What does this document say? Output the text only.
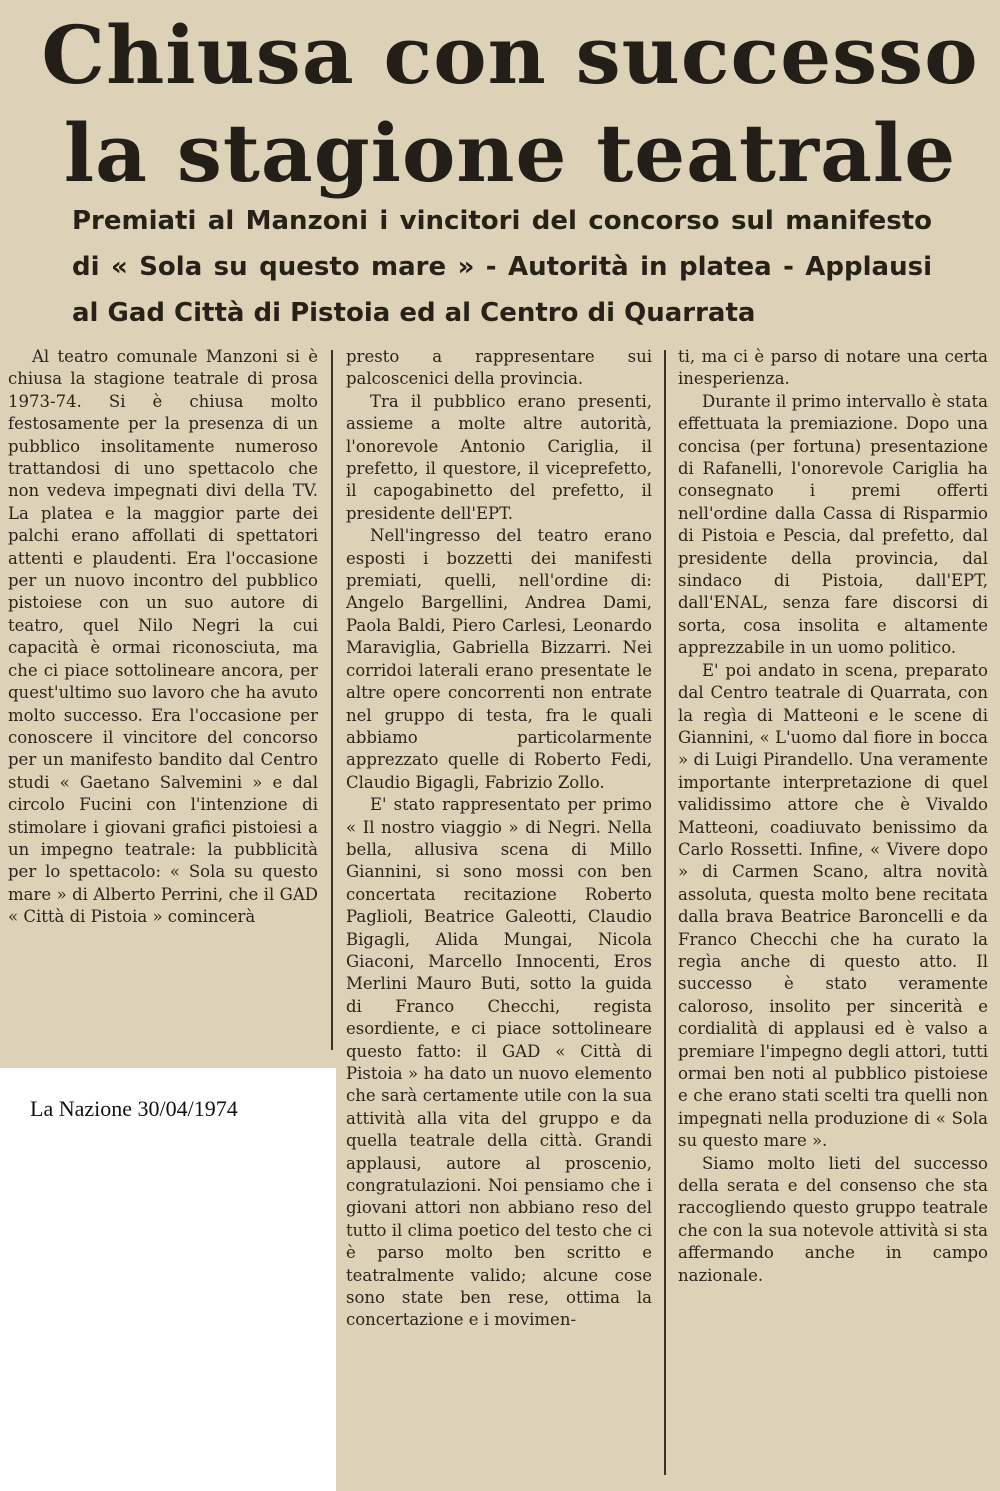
Chiusa con successo la stagione teatrale

Premiati al Manzoni i vincitori del concorso sul manifesto di « Sola su questo mare » - Autorità in platea - Applausi al Gad Città di Pistoia ed al Centro di Quarrata

Al teatro comunale Manzoni si è chiusa la stagione teatrale di prosa 1973-74. Si è chiusa molto festosamente per la presenza di un pubblico insolitamente numeroso trattandosi di uno spettacolo che non vedeva impegnati divi della TV. La platea e la maggior parte dei palchi erano affollati di spettatori attenti e plaudenti. Era l'occasione per un nuovo incontro del pubblico pistoiese con un suo autore di teatro, quel Nilo Negri la cui capacità è ormai riconosciuta, ma che ci piace sottolineare ancora, per quest'ultimo suo lavoro che ha avuto molto successo. Era l'occasione per conoscere il vincitore del concorso per un manifesto bandito dal Centro studi « Gaetano Salvemini » e dal circolo Fucini con l'intenzione di stimolare i giovani grafici pistoiesi a un impegno teatrale: la pubblicità per lo spettacolo: « Sola su questo mare » di Alberto Perrini, che il GAD « Città di Pistoia » comincerà

presto a rappresentare sui palcoscenici della provincia.

Tra il pubblico erano presenti, assieme a molte altre autorità, l'onorevole Antonio Cariglia, il prefetto, il questore, il viceprefetto, il capogabinetto del prefetto, il presidente dell'EPT.

Nell'ingresso del teatro erano esposti i bozzetti dei manifesti premiati, quelli, nell'ordine di: Angelo Bargellini, Andrea Dami, Paola Baldi, Piero Carlesi, Leonardo Maraviglia, Gabriella Bizzarri. Nei corridoi laterali erano presentate le altre opere concorrenti non entrate nel gruppo di testa, fra le quali abbiamo particolarmente apprezzato quelle di Roberto Fedi, Claudio Bigagli, Fabrizio Zollo.

E' stato rappresentato per primo « Il nostro viaggio » di Negri. Nella bella, allusiva scena di Millo Giannini, si sono mossi con ben concertata recitazione Roberto Paglioli, Beatrice Galeotti, Claudio Bigagli, Alida Mungai, Nicola Giaconi, Marcello Innocenti, Eros Merlini Mauro Buti, sotto la guida di Franco Checchi, regista esordiente, e ci piace sottolineare questo fatto: il GAD « Città di Pistoia » ha dato un nuovo elemento che sarà certamente utile con la sua attività alla vita del gruppo e da quella teatrale della città. Grandi applausi, autore al proscenio, congratulazioni. Noi pensiamo che i giovani attori non abbiano reso del tutto il clima poetico del testo che ci è parso molto ben scritto e teatralmente valido; alcune cose sono state ben rese, ottima la concertazione e i movimen-

ti, ma ci è parso di notare una certa inesperienza.

Durante il primo intervallo è stata effettuata la premiazione. Dopo una concisa (per fortuna) presentazione di Rafanelli, l'onorevole Cariglia ha consegnato i premi offerti nell'ordine dalla Cassa di Risparmio di Pistoia e Pescia, dal prefetto, dal presidente della provincia, dal sindaco di Pistoia, dall'EPT, dall'ENAL, senza fare discorsi di sorta, cosa insolita e altamente apprezzabile in un uomo politico.

E' poi andato in scena, preparato dal Centro teatrale di Quarrata, con la regìa di Matteoni e le scene di Giannini, « L'uomo dal fiore in bocca » di Luigi Pirandello. Una veramente importante interpretazione di quel validissimo attore che è Vivaldo Matteoni, coadiuvato benissimo da Carlo Rossetti. Infine, « Vivere dopo » di Carmen Scano, altra novità assoluta, questa molto bene recitata dalla brava Beatrice Baroncelli e da Franco Checchi che ha curato la regìa anche di questo atto. Il successo è stato veramente caloroso, insolito per sincerità e cordialità di applausi ed è valso a premiare l'impegno degli attori, tutti ormai ben noti al pubblico pistoiese e che erano stati scelti tra quelli non impegnati nella produzione di « Sola su questo mare ».

Siamo molto lieti del successo della serata e del consenso che sta raccogliendo questo gruppo teatrale che con la sua notevole attività si sta affermando anche in campo nazionale.

La Nazione 30/04/1974
